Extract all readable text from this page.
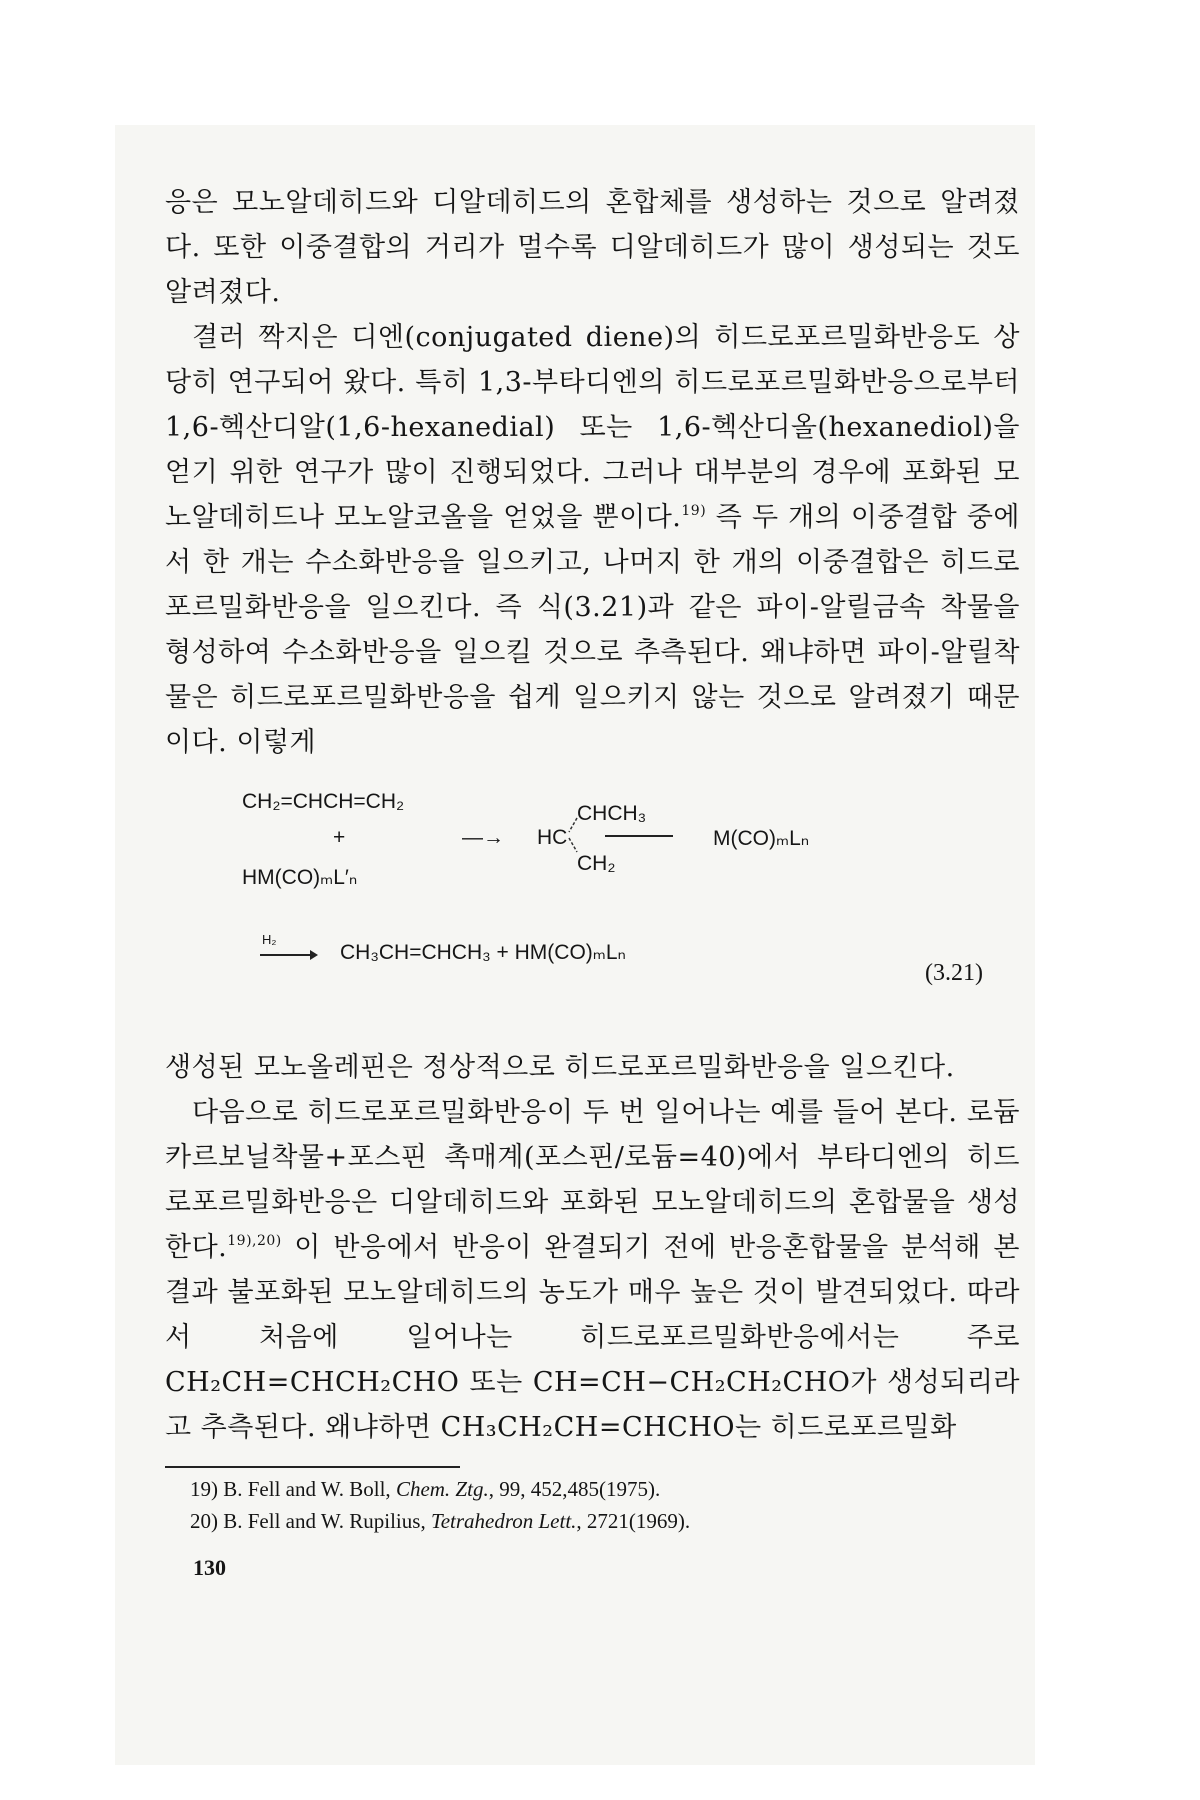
응은 모노알데히드와 디알데히드의 혼합체를 생성하는 것으로 알려졌다. 또한 이중결합의 거리가 멀수록 디알데히드가 많이 생성되는 것도 알려졌다.

결러 짝지은 디엔(conjugated diene)의 히드로포르밀화반응도 상당히 연구되어 왔다. 특히 1,3-부타디엔의 히드로포르밀화반응으로부터 1,6-헥산디알(1,6-hexanedial) 또는 1,6-헥산디올(hexanediol)을 얻기 위한 연구가 많이 진행되었다. 그러나 대부분의 경우에 포화된 모노알데히드나 모노알코올을 얻었을 뿐이다.$^{19)}$ 즉 두 개의 이중결합 중에서 한 개는 수소화반응을 일으키고, 나머지 한 개의 이중결합은 히드로포르밀화반응을 일으킨다. 즉 식(3.21)과 같은 파이-알릴금속 착물을 형성하여 수소화반응을 일으킬 것으로 추측된다. 왜냐하면 파이-알릴착물은 히드로포르밀화반응을 쉽게 일으키지 않는 것으로 알려졌기 때문이다. 이렇게

CH₂=CHCH=CH₂
+
HM(CO)ₘL′ₙ
—→
CHCH₃
HC
CH₂
M(CO)ₘLₙ
H₂
CH₃CH=CHCH₃ + HM(CO)ₘLₙ
(3.21)

생성된 모노올레핀은 정상적으로 히드로포르밀화반응을 일으킨다.

다음으로 히드로포르밀화반응이 두 번 일어나는 예를 들어 본다. 로듐카르보닐착물+포스핀 촉매계(포스핀/로듐=40)에서 부타디엔의 히드로포르밀화반응은 디알데히드와 포화된 모노알데히드의 혼합물을 생성한다.$^{19),20)}$ 이 반응에서 반응이 완결되기 전에 반응혼합물을 분석해 본 결과 불포화된 모노알데히드의 농도가 매우 높은 것이 발견되었다. 따라서 처음에 일어나는 히드로포르밀화반응에서는 주로 CH₂CH=CHCH₂CHO 또는 CH=CH−CH₂CH₂CHO가 생성되리라고 추측된다. 왜냐하면 CH₃CH₂CH=CHCHO는 히드로포르밀화

19) B. Fell and W. Boll, Chem. Ztg., 99, 452,485(1975).
20) B. Fell and W. Rupilius, Tetrahedron Lett., 2721(1969).
130
